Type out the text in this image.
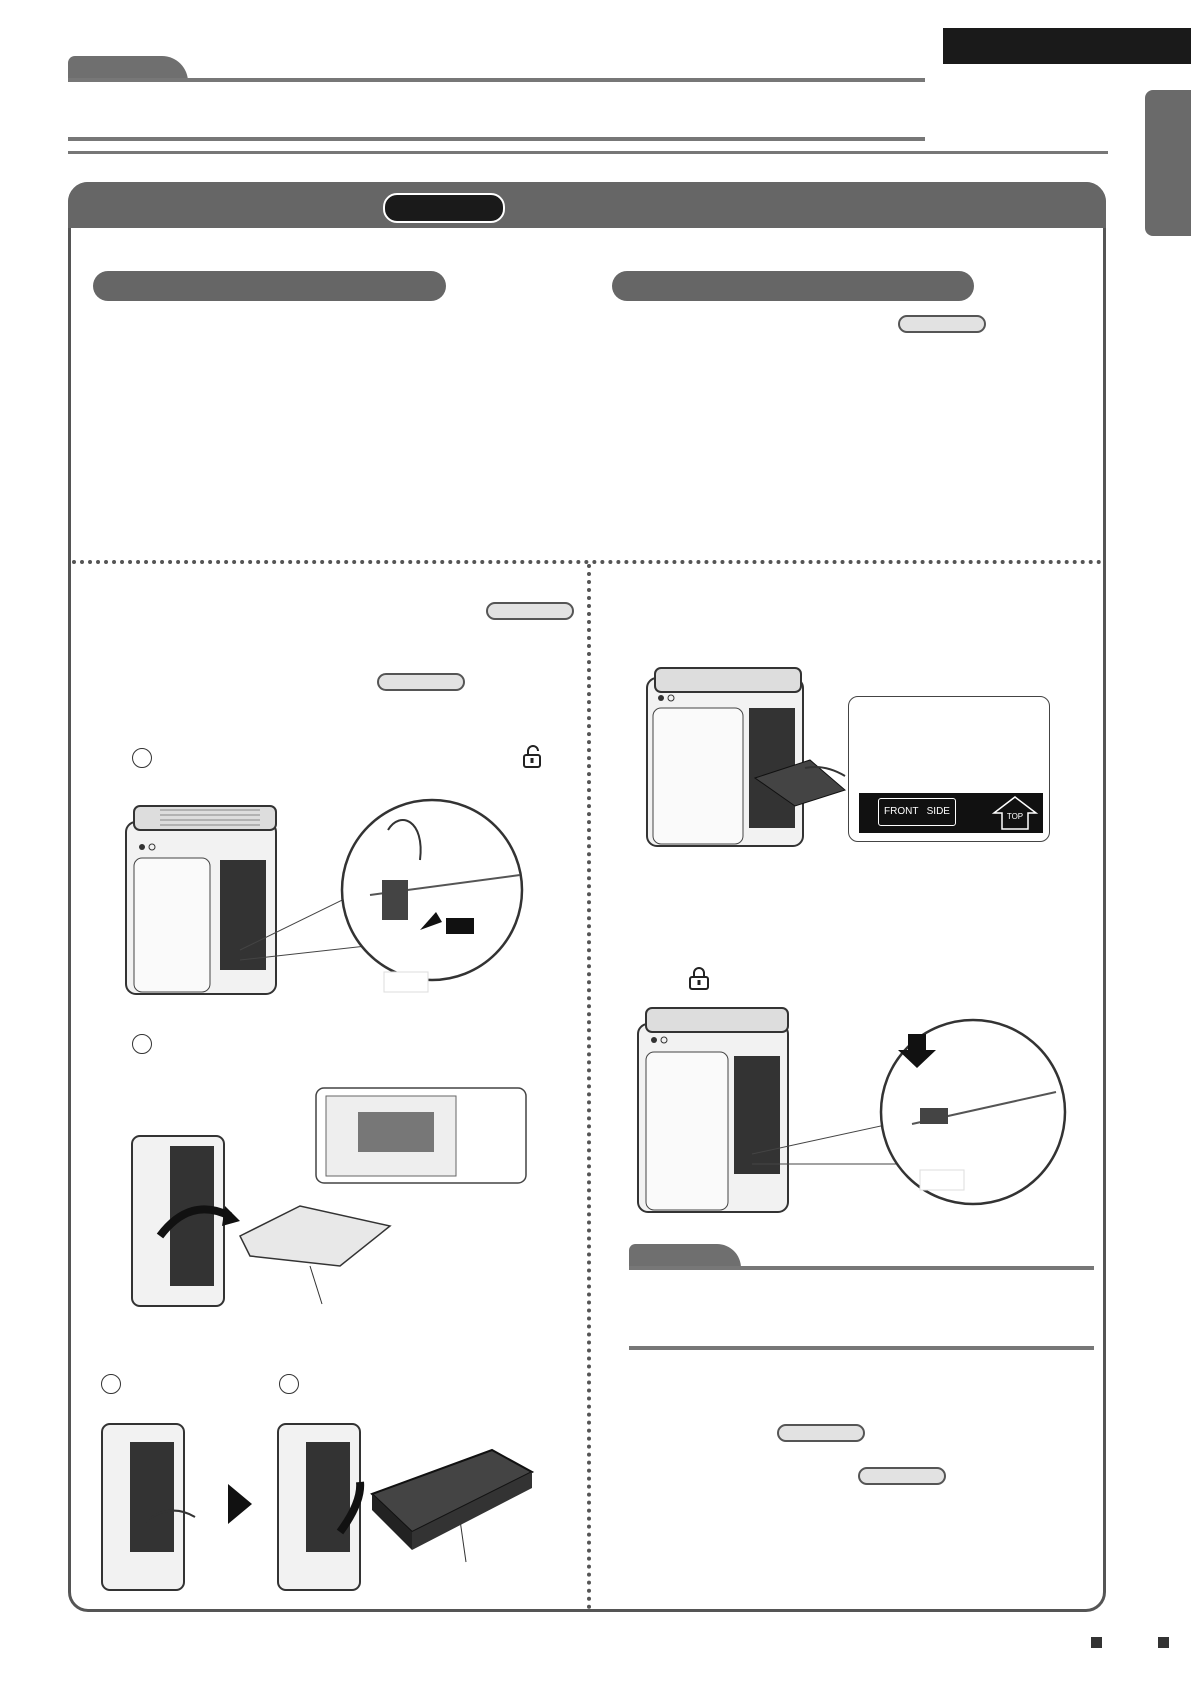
FRONT   SIDE	TOP
